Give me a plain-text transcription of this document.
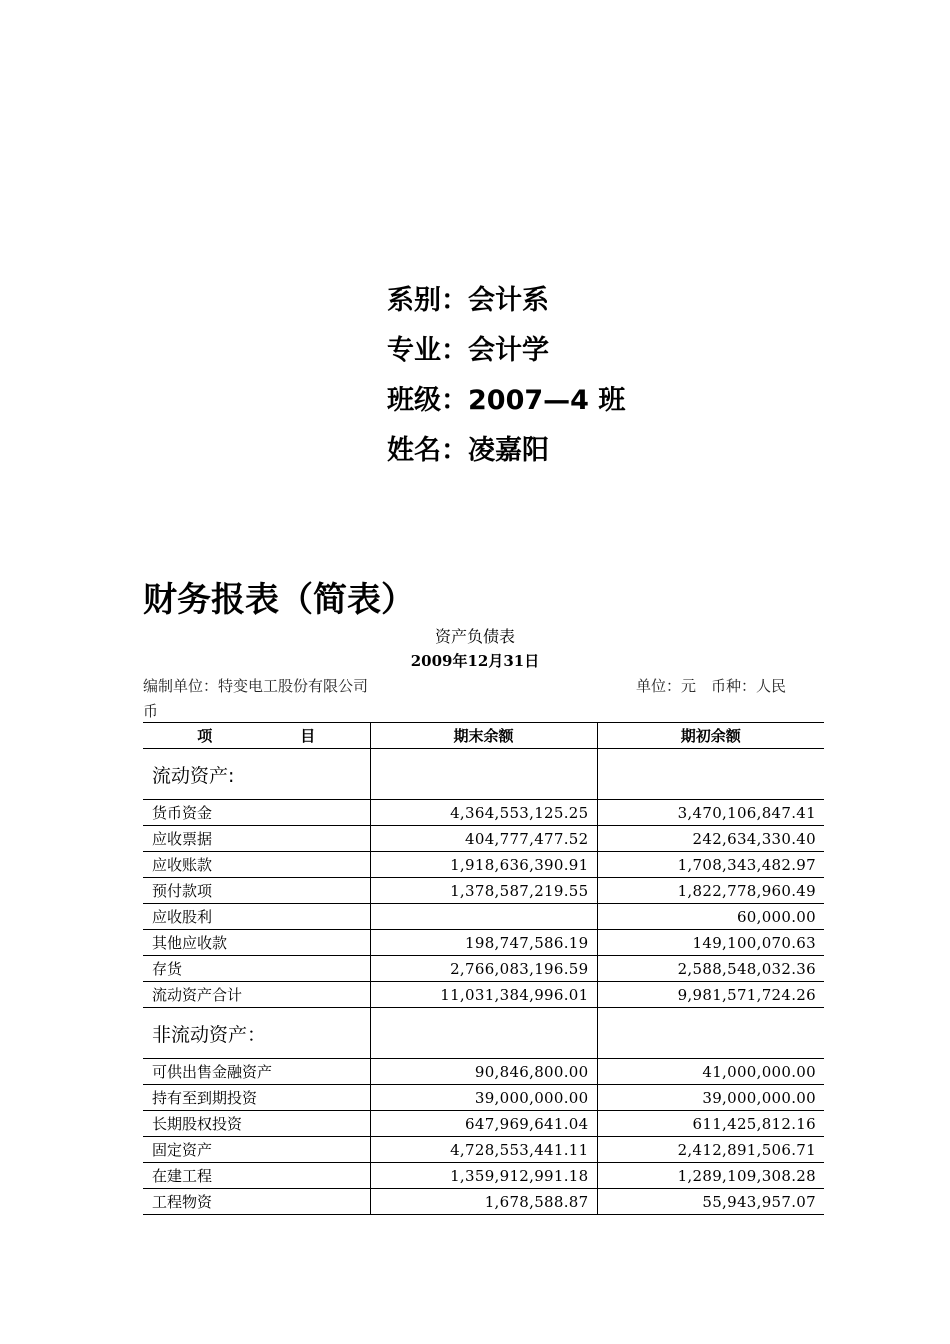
系别：会计系
专业：会计学
班级：2007—4 班
姓名：凌嘉阳
财务报表（简表）
资产负债表
2009年12月31日
编制单位：特变电工股份有限公司	单位：元　币种：人民
币
项 目	期末余额	期初余额
流动资产:		
货币资金	4,364,553,125.25	3,470,106,847.41
应收票据	404,777,477.52	242,634,330.40
应收账款	1,918,636,390.91	1,708,343,482.97
预付款项	1,378,587,219.55	1,822,778,960.49
应收股利		60,000.00
其他应收款	198,747,586.19	149,100,070.63
存货	2,766,083,196.59	2,588,548,032.36
流动资产合计	11,031,384,996.01	9,981,571,724.26
非流动资产：		
可供出售金融资产	90,846,800.00	41,000,000.00
持有至到期投资	39,000,000.00	39,000,000.00
长期股权投资	647,969,641.04	611,425,812.16
固定资产	4,728,553,441.11	2,412,891,506.71
在建工程	1,359,912,991.18	1,289,109,308.28
工程物资	1,678,588.87	55,943,957.07
